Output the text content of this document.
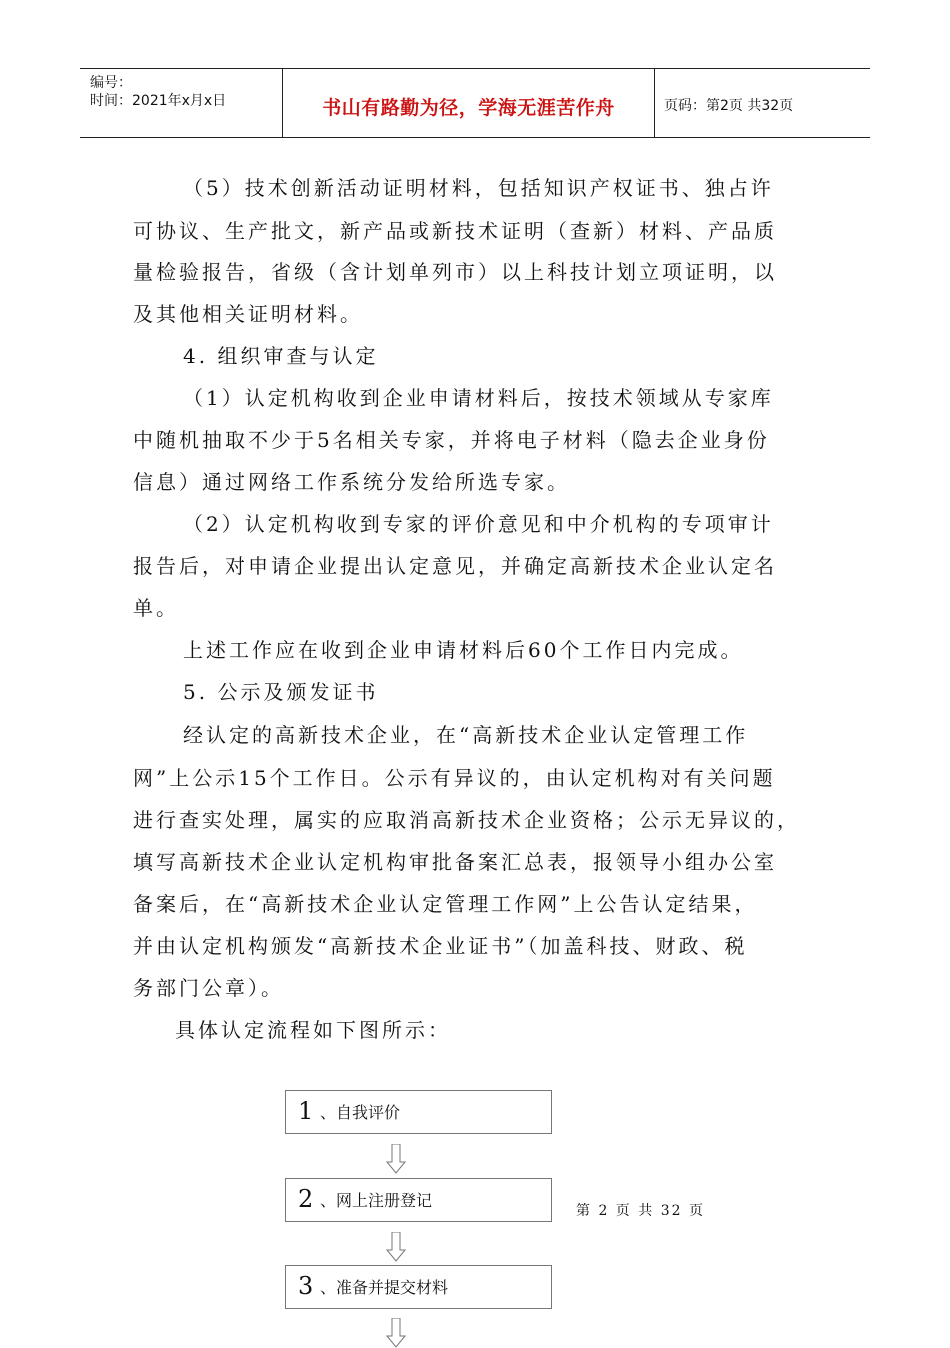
编号：
时间：2021年x月x日	书山有路勤为径，学海无涯苦作舟	页码：第2页 共32页
（5）技术创新活动证明材料，包括知识产权证书、独占许
可协议、生产批文，新产品或新技术证明（查新）材料、产品质
量检验报告，省级（含计划单列市）以上科技计划立项证明，以
及其他相关证明材料。
4. 组织审查与认定
（1）认定机构收到企业申请材料后，按技术领域从专家库
中随机抽取不少于5名相关专家，并将电子材料（隐去企业身份
信息）通过网络工作系统分发给所选专家。
（2）认定机构收到专家的评价意见和中介机构的专项审计
报告后，对申请企业提出认定意见，并确定高新技术企业认定名
单。
上述工作应在收到企业申请材料后60个工作日内完成。
5. 公示及颁发证书
经认定的高新技术企业，在“高新技术企业认定管理工作
网”上公示15个工作日。公示有异议的，由认定机构对有关问题
进行查实处理，属实的应取消高新技术企业资格；公示无异议的，
填写高新技术企业认定机构审批备案汇总表，报领导小组办公室
备案后，在“高新技术企业认定管理工作网”上公告认定结果，
并由认定机构颁发“高新技术企业证书”（加盖科技、财政、税
务部门公章）。
具体认定流程如下图所示：
1 、自我评价
2 、网上注册登记
3 、准备并提交材料
第 2 页 共 32 页
